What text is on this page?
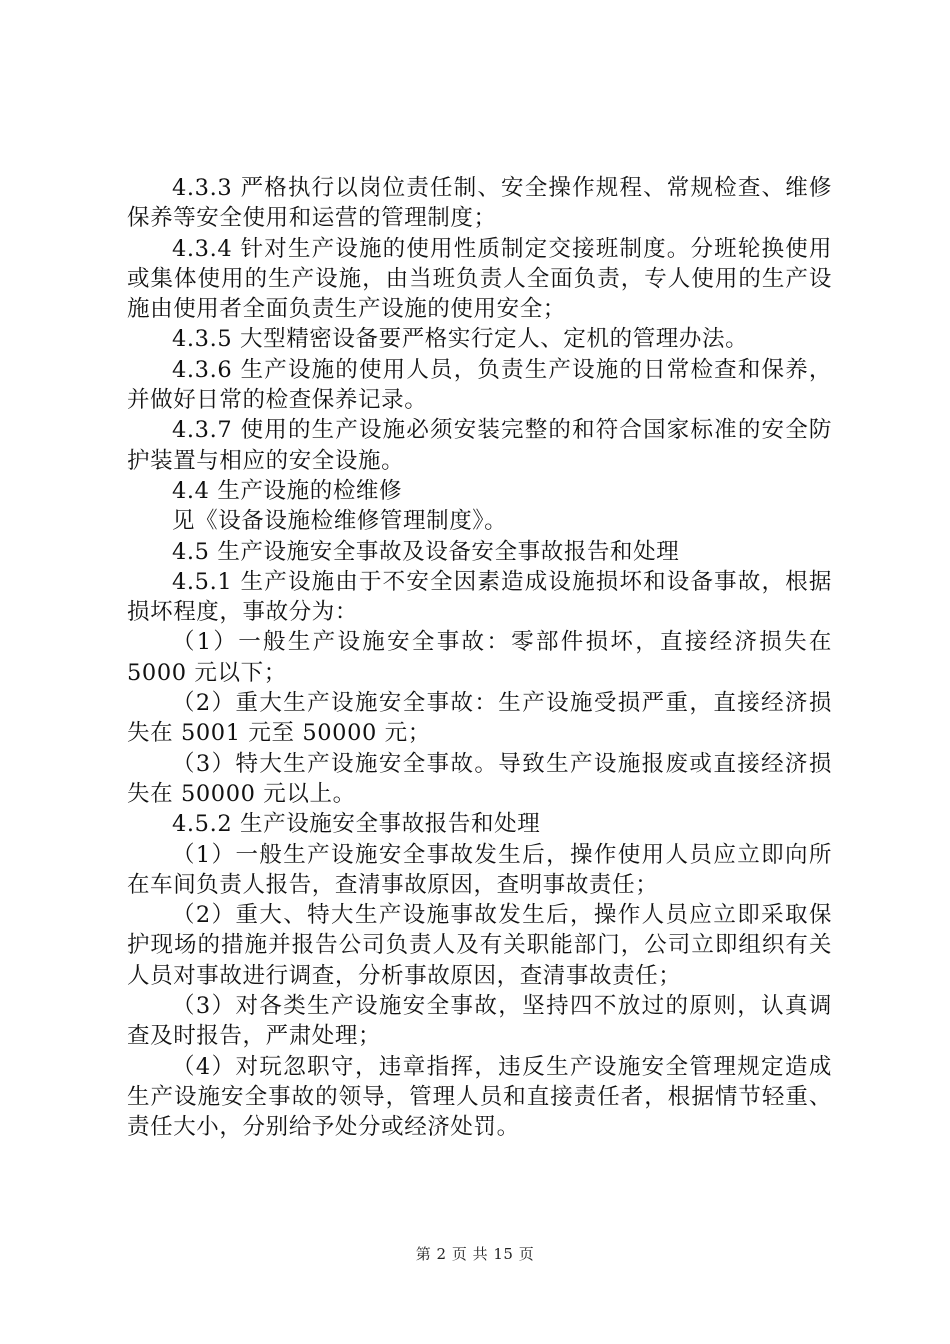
4.3.3 严格执行以岗位责任制、安全操作规程、常规检查、维修保养等安全使用和运营的管理制度；

4.3.4 针对生产设施的使用性质制定交接班制度。分班轮换使用或集体使用的生产设施，由当班负责人全面负责，专人使用的生产设施由使用者全面负责生产设施的使用安全；

4.3.5 大型精密设备要严格实行定人、定机的管理办法。

4.3.6 生产设施的使用人员，负责生产设施的日常检查和保养，并做好日常的检查保养记录。

4.3.7 使用的生产设施必须安装完整的和符合国家标准的安全防护装置与相应的安全设施。

4.4 生产设施的检维修

见《设备设施检维修管理制度》。

4.5 生产设施安全事故及设备安全事故报告和处理

4.5.1 生产设施由于不安全因素造成设施损坏和设备事故，根据损坏程度，事故分为：

（1）一般生产设施安全事故：零部件损坏，直接经济损失在 5000 元以下；

（2）重大生产设施安全事故：生产设施受损严重，直接经济损失在 5001 元至 50000 元；

（3）特大生产设施安全事故。导致生产设施报废或直接经济损失在 50000 元以上。

4.5.2 生产设施安全事故报告和处理

（1）一般生产设施安全事故发生后，操作使用人员应立即向所在车间负责人报告，查清事故原因，查明事故责任；

（2）重大、特大生产设施事故发生后，操作人员应立即采取保护现场的措施并报告公司负责人及有关职能部门，公司立即组织有关人员对事故进行调查，分析事故原因，查清事故责任；

（3）对各类生产设施安全事故，坚持四不放过的原则，认真调查及时报告，严肃处理；

（4）对玩忽职守，违章指挥，违反生产设施安全管理规定造成生产设施安全事故的领导，管理人员和直接责任者，根据情节轻重、责任大小，分别给予处分或经济处罚。

第 2 页 共 15 页
